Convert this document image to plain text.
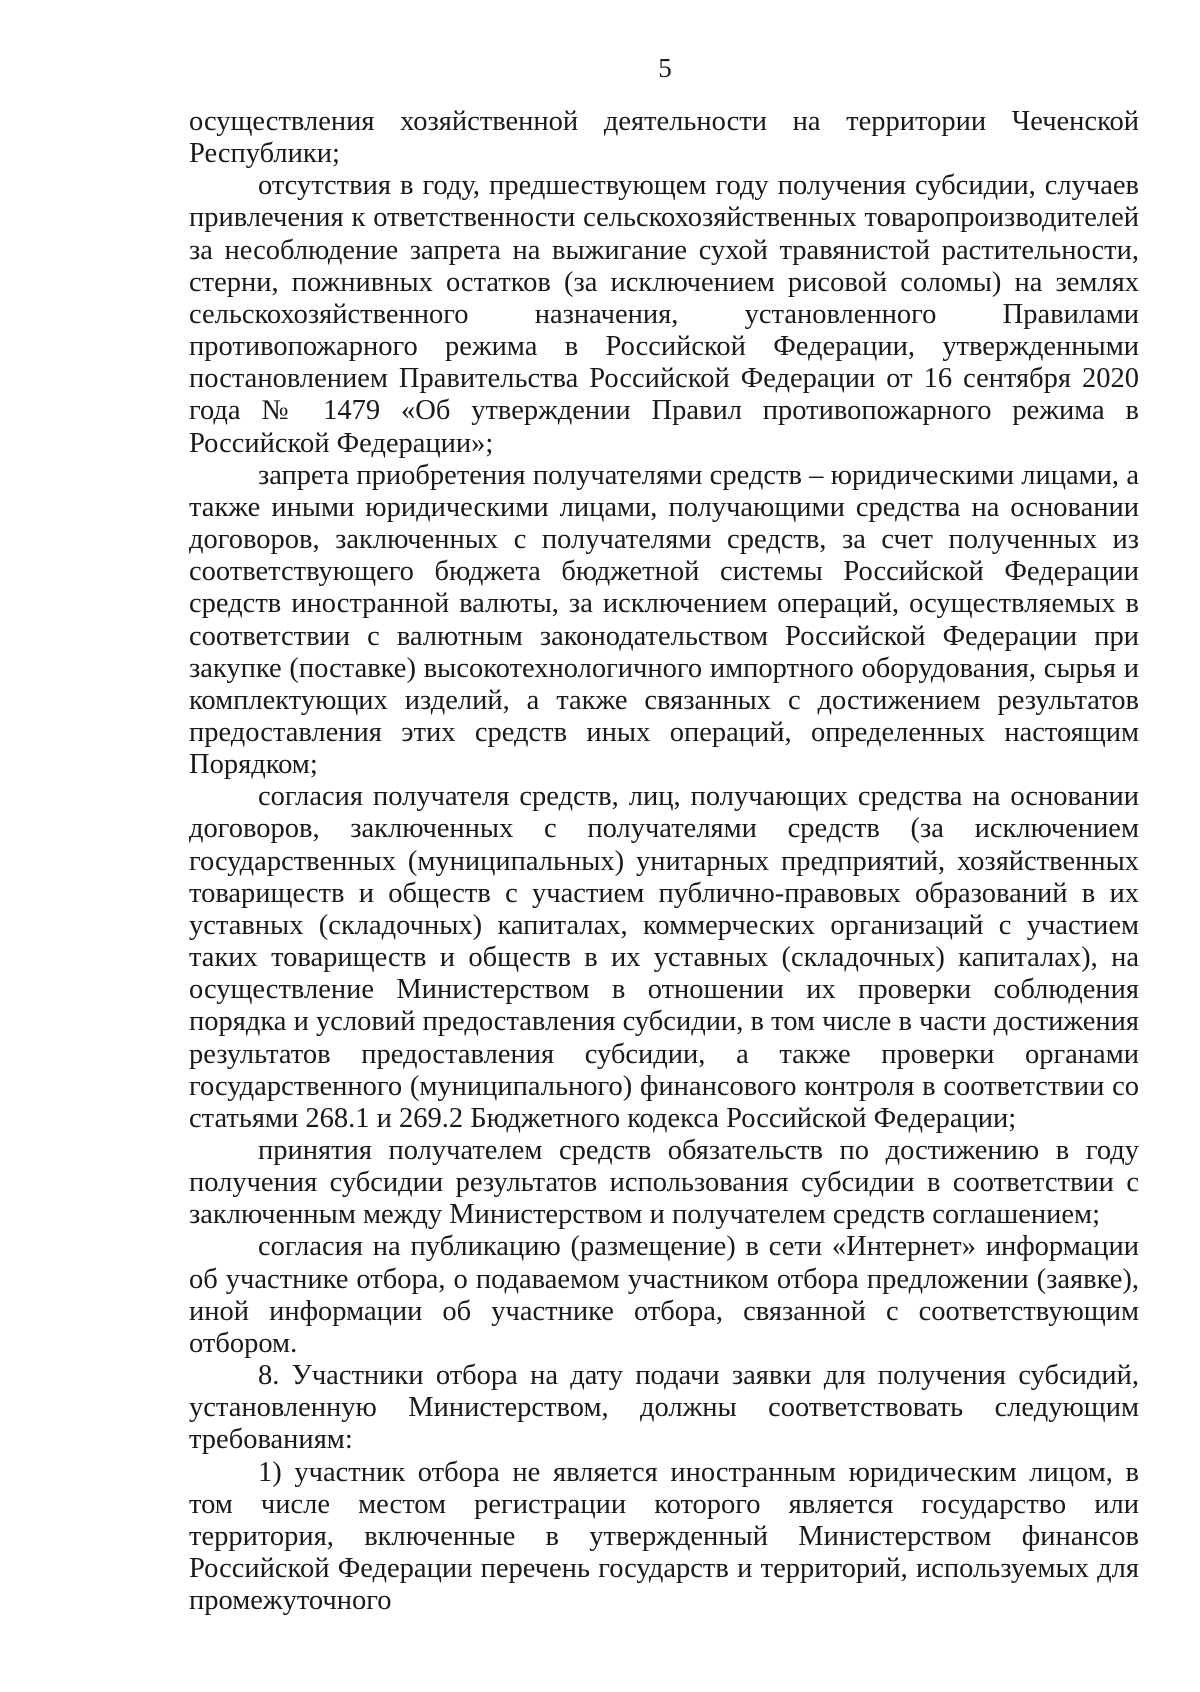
5

осуществления хозяйственной деятельности на территории Чеченской Республики;

отсутствия в году, предшествующем году получения субсидии, случаев привлечения к ответственности сельскохозяйственных товаропроизводителей за несоблюдение запрета на выжигание сухой травянистой растительности, стерни, пожнивных остатков (за исключением рисовой соломы) на землях сельскохозяйственного назначения, установленного Правилами противопожарного режима в Российской Федерации, утвержденными постановлением Правительства Российской Федерации от 16 сентября 2020 года № 1479 «Об утверждении Правил противопожарного режима в Российской Федерации»;

запрета приобретения получателями средств – юридическими лицами, а также иными юридическими лицами, получающими средства на основании договоров, заключенных с получателями средств, за счет полученных из соответствующего бюджета бюджетной системы Российской Федерации средств иностранной валюты, за исключением операций, осуществляемых в соответствии с валютным законодательством Российской Федерации при закупке (поставке) высокотехнологичного импортного оборудования, сырья и комплектующих изделий, а также связанных с достижением результатов предоставления этих средств иных операций, определенных настоящим Порядком;

согласия получателя средств, лиц, получающих средства на основании договоров, заключенных с получателями средств (за исключением государственных (муниципальных) унитарных предприятий, хозяйственных товариществ и обществ с участием публично-правовых образований в их уставных (складочных) капиталах, коммерческих организаций с участием таких товариществ и обществ в их уставных (складочных) капиталах), на осуществление Министерством в отношении их проверки соблюдения порядка и условий предоставления субсидии, в том числе в части достижения результатов предоставления субсидии, а также проверки органами государственного (муниципального) финансового контроля в соответствии со статьями 268.1 и 269.2 Бюджетного кодекса Российской Федерации;

принятия получателем средств обязательств по достижению в году получения субсидии результатов использования субсидии в соответствии с заключенным между Министерством и получателем средств соглашением;

согласия на публикацию (размещение) в сети «Интернет» информации об участнике отбора, о подаваемом участником отбора предложении (заявке), иной информации об участнике отбора, связанной с соответствующим отбором.

8. Участники отбора на дату подачи заявки для получения субсидий, установленную Министерством, должны соответствовать следующим требованиям:

1) участник отбора не является иностранным юридическим лицом, в том числе местом регистрации которого является государство или территория, включенные в утвержденный Министерством финансов Российской Федерации перечень государств и территорий, используемых для промежуточного
